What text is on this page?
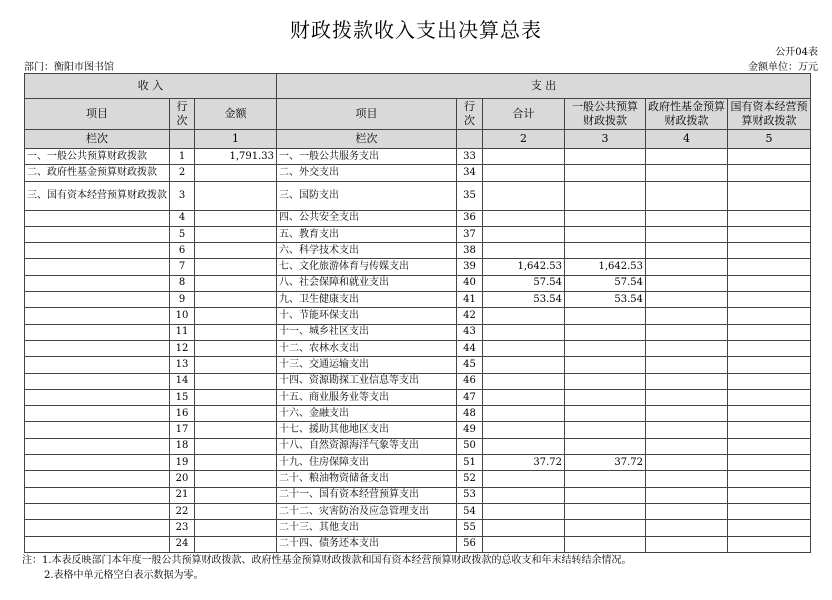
财政拨款收入支出决算总表
公开04表
部门：衡阳市图书馆	金额单位：万元
收 入			支 出					
项目	行次	金额	项目	行次	合计	一般公共预算财政拨款	政府性基金预算财政拨款	国有资本经营预算财政拨款
栏次		1	栏次		2	3	4	5
一、一般公共预算财政拨款	1	1,791.33	一、一般公共服务支出	33				
二、政府性基金预算财政拨款	2		二、外交支出	34				
三、国有资本经营预算财政拨款	3		三、国防支出	35				
	4		四、公共安全支出	36				
	5		五、教育支出	37				
	6		六、科学技术支出	38				
	7		七、文化旅游体育与传媒支出	39	1,642.53	1,642.53		
	8		八、社会保障和就业支出	40	57.54	57.54		
	9		九、卫生健康支出	41	53.54	53.54		
	10		十、节能环保支出	42				
	11		十一、城乡社区支出	43				
	12		十二、农林水支出	44				
	13		十三、交通运输支出	45				
	14		十四、资源勘探工业信息等支出	46				
	15		十五、商业服务业等支出	47				
	16		十六、金融支出	48				
	17		十七、援助其他地区支出	49				
	18		十八、自然资源海洋气象等支出	50				
	19		十九、住房保障支出	51	37.72	37.72		
	20		二十、粮油物资储备支出	52				
	21		二十一、国有资本经营预算支出	53				
	22		二十二、灾害防治及应急管理支出	54				
	23		二十三、其他支出	55				
	24		二十四、债务还本支出	56				
注：1.本表反映部门本年度一般公共预算财政拨款、政府性基金预算财政拨款和国有资本经营预算财政拨款的总收支和年末结转结余情况。
2.表格中单元格空白表示数据为零。
